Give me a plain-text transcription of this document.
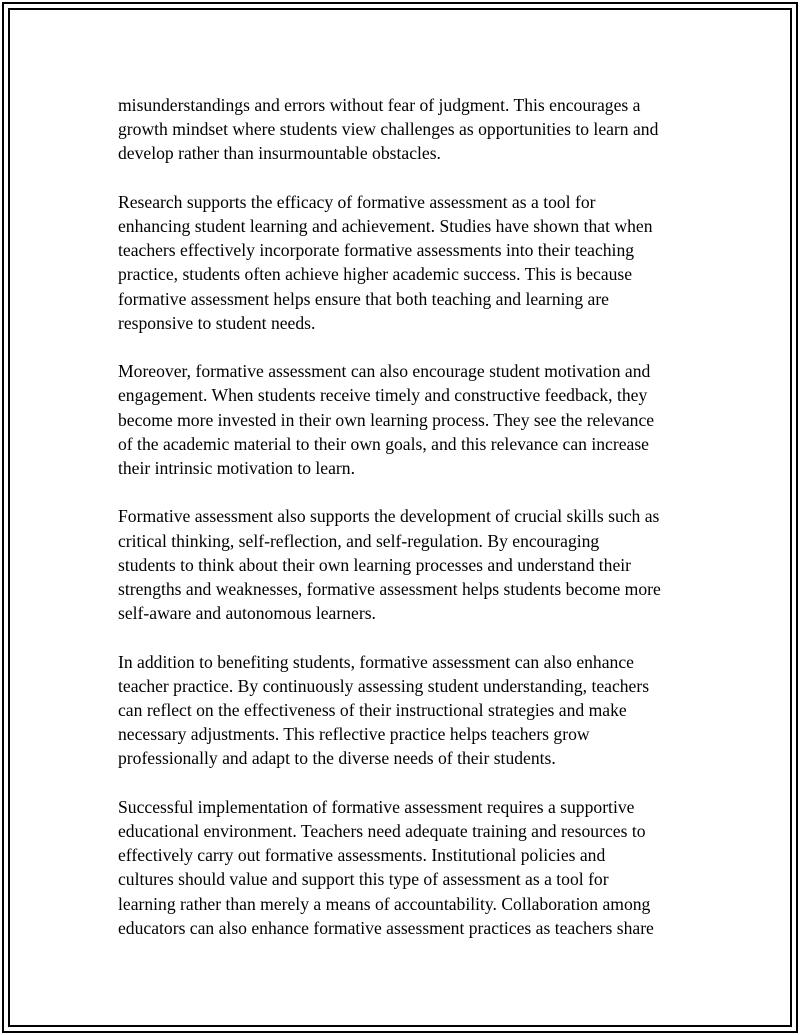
misunderstandings and errors without fear of judgment. This encourages a
growth mindset where students view challenges as opportunities to learn and
develop rather than insurmountable obstacles.

Research supports the efficacy of formative assessment as a tool for
enhancing student learning and achievement. Studies have shown that when
teachers effectively incorporate formative assessments into their teaching
practice, students often achieve higher academic success. This is because
formative assessment helps ensure that both teaching and learning are
responsive to student needs.

Moreover, formative assessment can also encourage student motivation and
engagement. When students receive timely and constructive feedback, they
become more invested in their own learning process. They see the relevance
of the academic material to their own goals, and this relevance can increase
their intrinsic motivation to learn.

Formative assessment also supports the development of crucial skills such as
critical thinking, self-reflection, and self-regulation. By encouraging
students to think about their own learning processes and understand their
strengths and weaknesses, formative assessment helps students become more
self-aware and autonomous learners.

In addition to benefiting students, formative assessment can also enhance
teacher practice. By continuously assessing student understanding, teachers
can reflect on the effectiveness of their instructional strategies and make
necessary adjustments. This reflective practice helps teachers grow
professionally and adapt to the diverse needs of their students.

Successful implementation of formative assessment requires a supportive
educational environment. Teachers need adequate training and resources to
effectively carry out formative assessments. Institutional policies and
cultures should value and support this type of assessment as a tool for
learning rather than merely a means of accountability. Collaboration among
educators can also enhance formative assessment practices as teachers share
